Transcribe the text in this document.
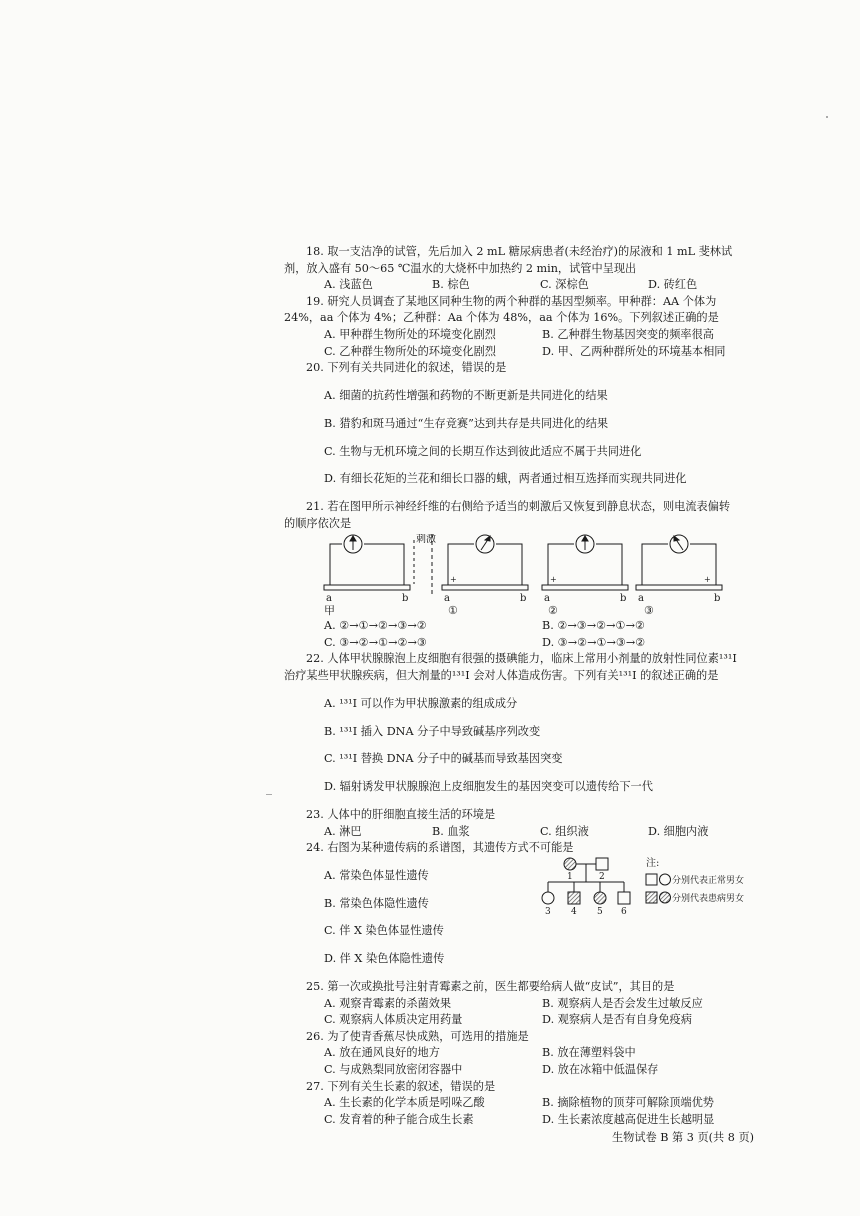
18. 取一支洁净的试管，先后加入 2 mL 糖尿病患者(未经治疗)的尿液和 1 mL 斐林试

剂，放入盛有 50～65 ℃温水的大烧杯中加热约 2 min，试管中呈现出

A. 浅蓝色	B. 棕色	C. 深棕色	D. 砖红色

19. 研究人员调查了某地区同种生物的两个种群的基因型频率。甲种群：AA 个体为

24%，aa 个体为 4%；乙种群：Aa 个体为 48%，aa 个体为 16%。下列叙述正确的是

A. 甲种群生物所处的环境变化剧烈	B. 乙种群生物基因突变的频率很高
C. 乙种群生物所处的环境变化剧烈	D. 甲、乙两种群所处的环境基本相同

20. 下列有关共同进化的叙述，错误的是

A. 细菌的抗药性增强和药物的不断更新是共同进化的结果

B. 猎豹和斑马通过“生存竞赛”达到共存是共同进化的结果

C. 生物与无机环境之间的长期互作达到彼此适应不属于共同进化

D. 有细长花矩的兰花和细长口器的蛾，两者通过相互选择而实现共同进化

21. 若在图甲所示神经纤维的右侧给予适当的刺激后又恢复到静息状态，则电流表偏转

的顺序依次是

刺激
a	b
+
a	b
+
a	b
+
a	b
甲	①	②	③
A. ②→①→②→③→②	B. ②→③→②→①→②
C. ③→②→①→②→③	D. ③→②→①→③→②

22. 人体甲状腺腺泡上皮细胞有很强的摄碘能力，临床上常用小剂量的放射性同位素¹³¹I

治疗某些甲状腺疾病，但大剂量的¹³¹I 会对人体造成伤害。下列有关¹³¹I 的叙述正确的是

A. ¹³¹I 可以作为甲状腺激素的组成成分

B. ¹³¹I 插入 DNA 分子中导致碱基序列改变

C. ¹³¹I 替换 DNA 分子中的碱基而导致基因突变

D. 辐射诱发甲状腺腺泡上皮细胞发生的基因突变可以遗传给下一代

23. 人体中的肝细胞直接生活的环境是

A. 淋巴	B. 血浆	C. 组织液	D. 细胞内液

24. 右图为某种遗传病的系谱图，其遗传方式不可能是

A. 常染色体显性遗传

B. 常染色体隐性遗传

C. 伴 X 染色体显性遗传

D. 伴 X 染色体隐性遗传

1	2
3 4 5 6
注:
分别代表正常男女
分别代表患病男女

25. 第一次或换批号注射青霉素之前，医生都要给病人做“皮试”，其目的是

A. 观察青霉素的杀菌效果	B. 观察病人是否会发生过敏反应
C. 观察病人体质决定用药量	D. 观察病人是否有自身免疫病

26. 为了使青香蕉尽快成熟，可选用的措施是

A. 放在通风良好的地方	B. 放在薄塑料袋中
C. 与成熟梨同放密闭容器中	D. 放在冰箱中低温保存

27. 下列有关生长素的叙述，错误的是

A. 生长素的化学本质是吲哚乙酸	B. 摘除植物的顶芽可解除顶端优势
C. 发育着的种子能合成生长素	D. 生长素浓度越高促进生长越明显
生物试卷 B 第 3 页(共 8 页)
